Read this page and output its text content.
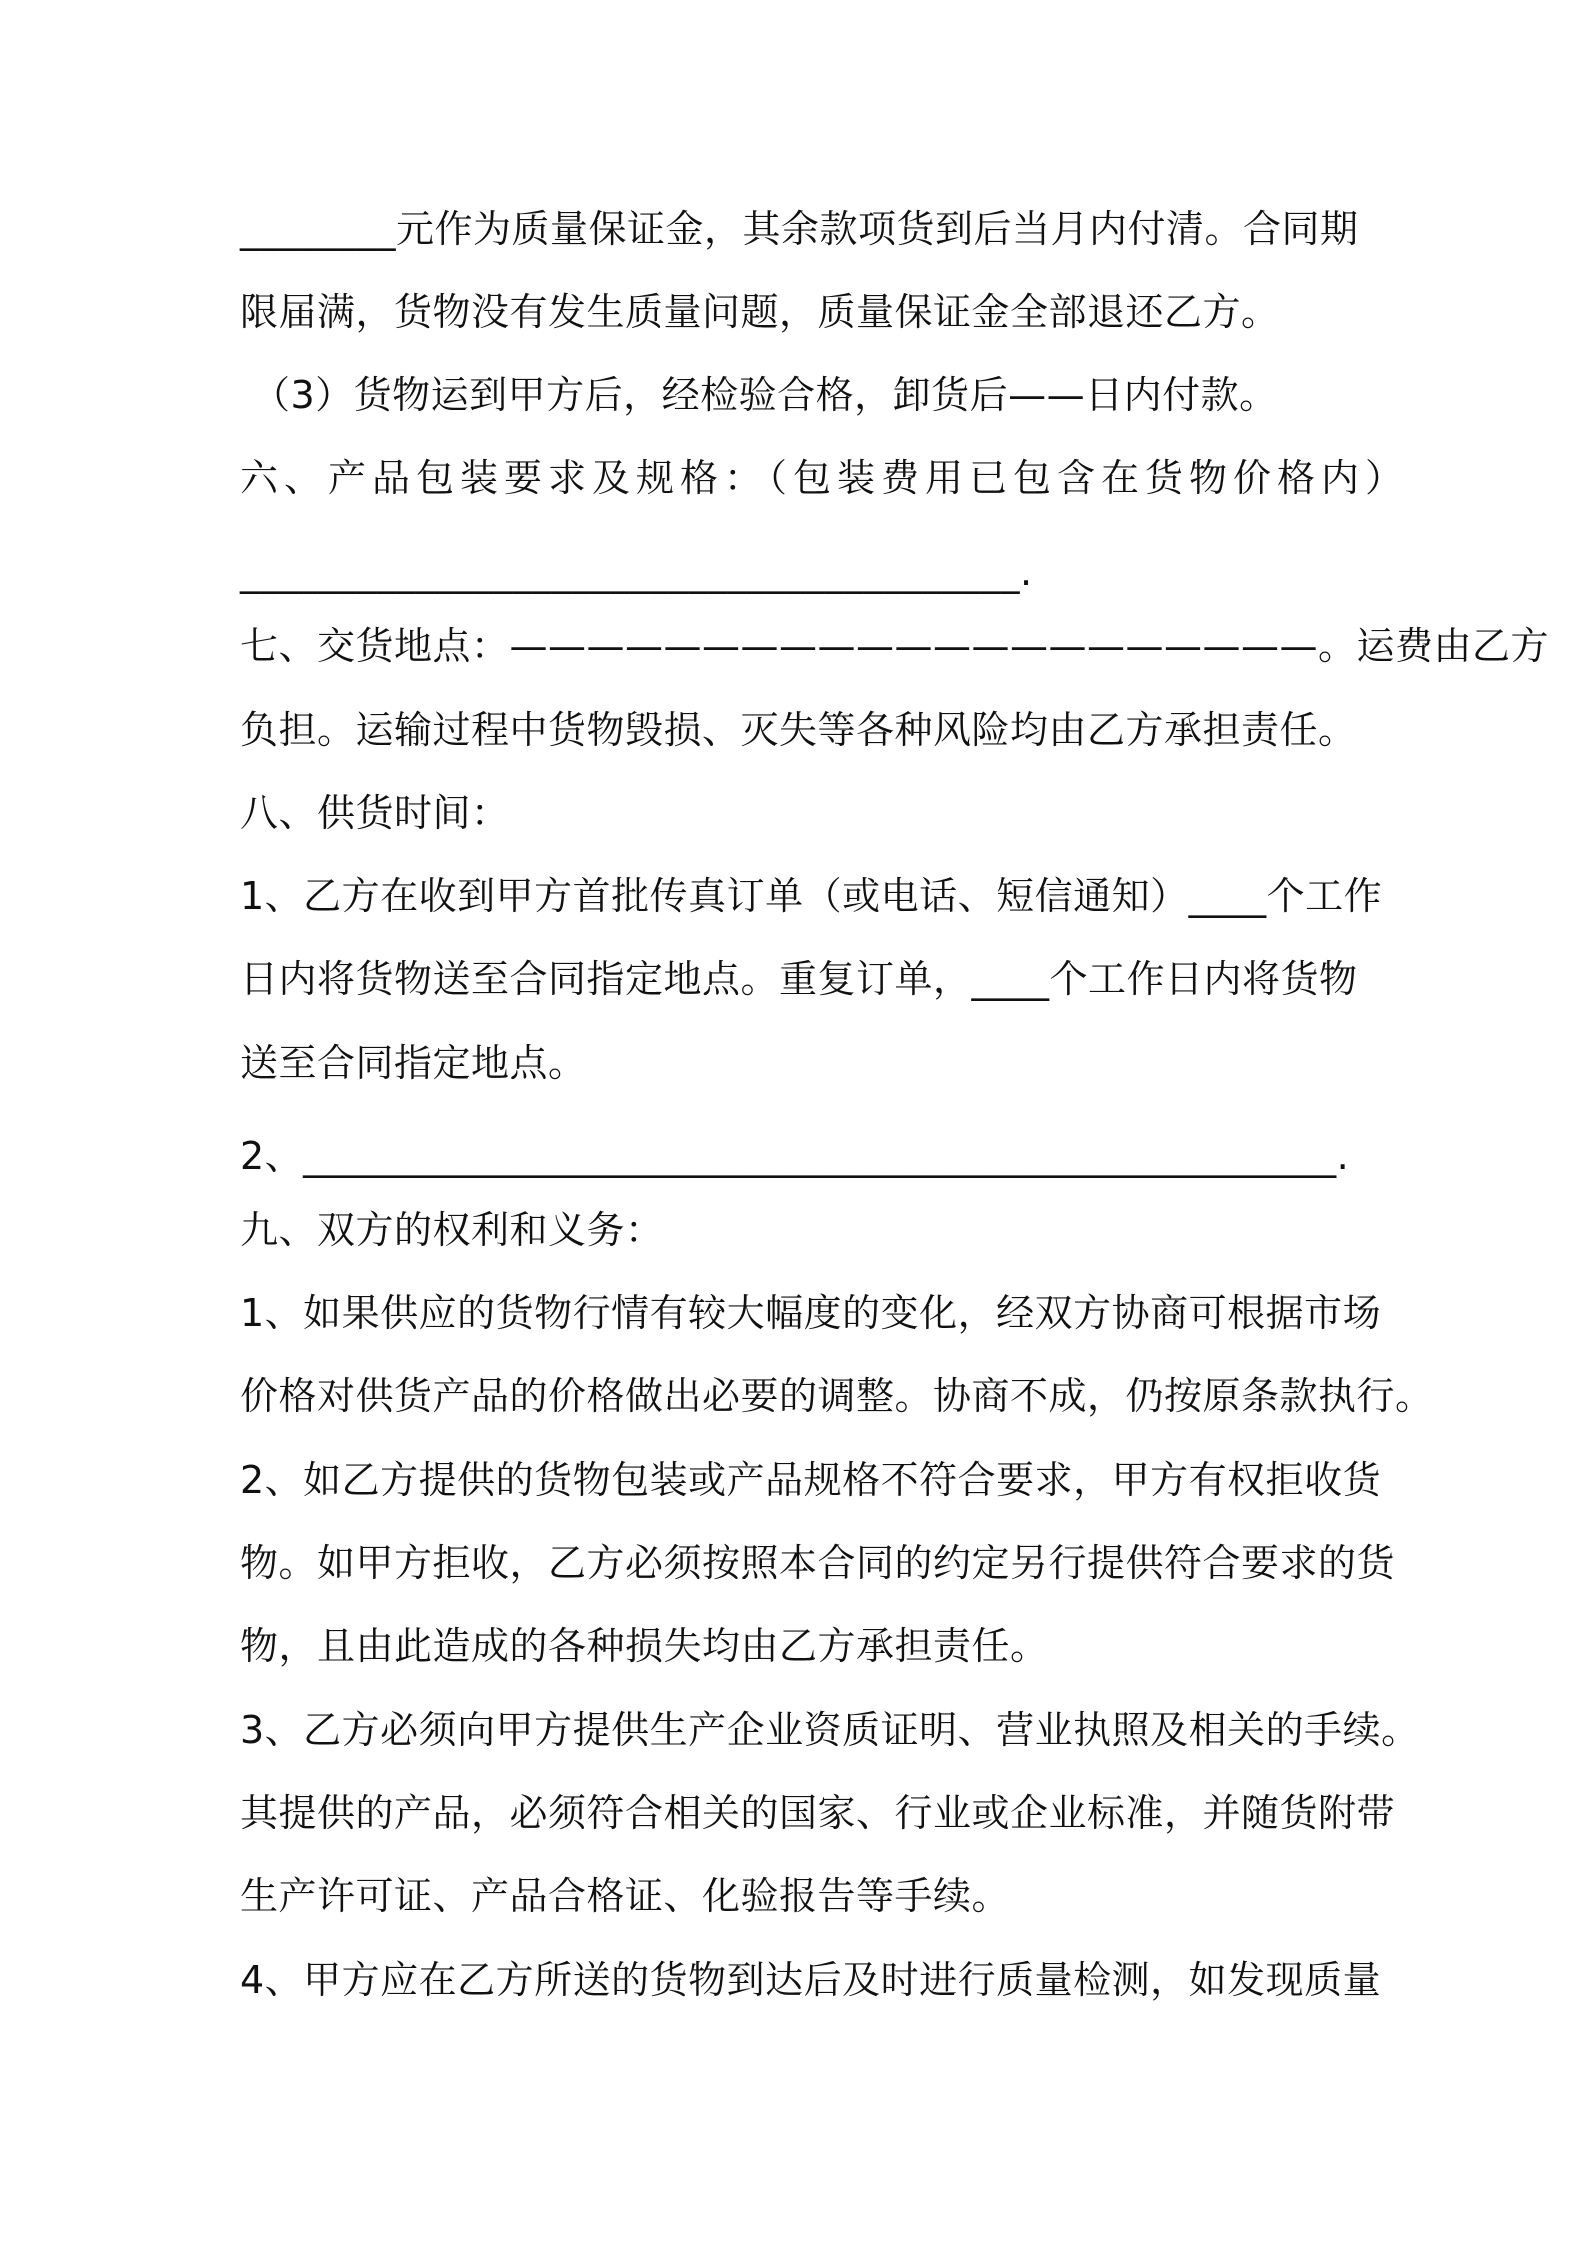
________元作为质量保证金，其余款项货到后当月内付清。合同期
限届满，货物没有发生质量问题，质量保证金全部退还乙方。
（3）货物运到甲方后，经检验合格，卸货后——日内付款。
六、产品包装要求及规格：（包装费用已包含在货物价格内）
________________________________________.
七、交货地点：—————————————————————。运费由乙方
负担。运输过程中货物毁损、灭失等各种风险均由乙方承担责任。
八、供货时间：
1、乙方在收到甲方首批传真订单（或电话、短信通知）____个工作
日内将货物送至合同指定地点。重复订单，____个工作日内将货物
送至合同指定地点。
2、_____________________________________________________.
九、双方的权利和义务：
1、如果供应的货物行情有较大幅度的变化，经双方协商可根据市场
价格对供货产品的价格做出必要的调整。协商不成，仍按原条款执行。
2、如乙方提供的货物包装或产品规格不符合要求，甲方有权拒收货
物。如甲方拒收，乙方必须按照本合同的约定另行提供符合要求的货
物，且由此造成的各种损失均由乙方承担责任。
3、乙方必须向甲方提供生产企业资质证明、营业执照及相关的手续。
其提供的产品，必须符合相关的国家、行业或企业标准，并随货附带
生产许可证、产品合格证、化验报告等手续。
4、甲方应在乙方所送的货物到达后及时进行质量检测，如发现质量
